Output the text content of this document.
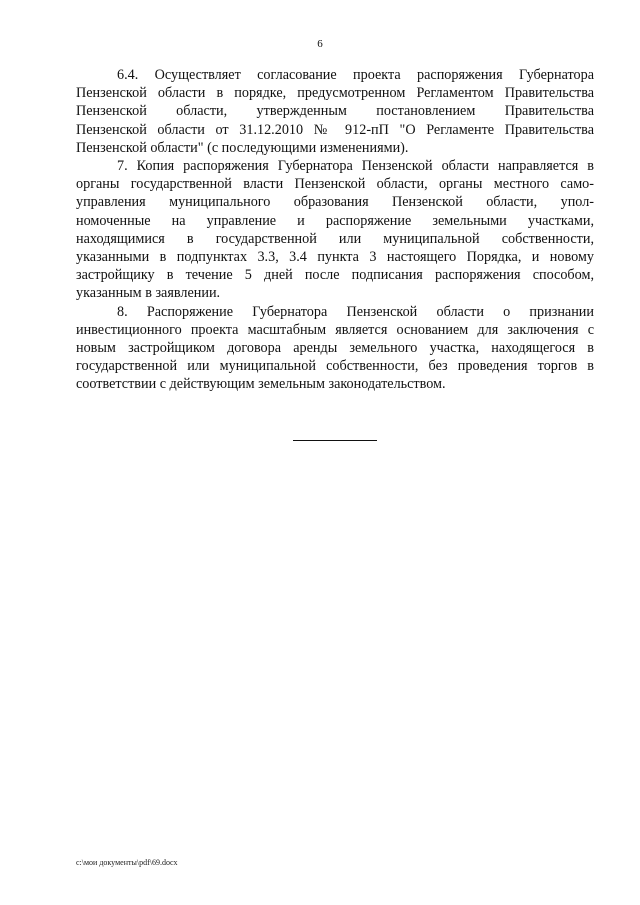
6

6.4. Осуществляет согласование проекта распоряжения Губернатора
Пензенской области в порядке, предусмотренном Регламентом Правительства
Пензенской области, утвержденным постановлением Правительства
Пензенской области от 31.12.2010 № 912-пП "О Регламенте Правительства
Пензенской области" (с последующими изменениями).

7. Копия распоряжения Губернатора Пензенской области направляется в
органы государственной власти Пензенской области, органы местного само-
управления муниципального образования Пензенской области, упол-
номоченные на управление и распоряжение земельными участками,
находящимися в государственной или муниципальной собственности,
указанными в подпунктах 3.3, 3.4 пункта 3 настоящего Порядка, и новому
застройщику в течение 5 дней после подписания распоряжения способом,
указанным в заявлении.

8. Распоряжение Губернатора Пензенской области о признании
инвестиционного проекта масштабным является основанием для заключения с
новым застройщиком договора аренды земельного участка, находящегося в
государственной или муниципальной собственности, без проведения торгов в
соответствии с действующим земельным законодательством.

c:\мои документы\pdf\69.docx
